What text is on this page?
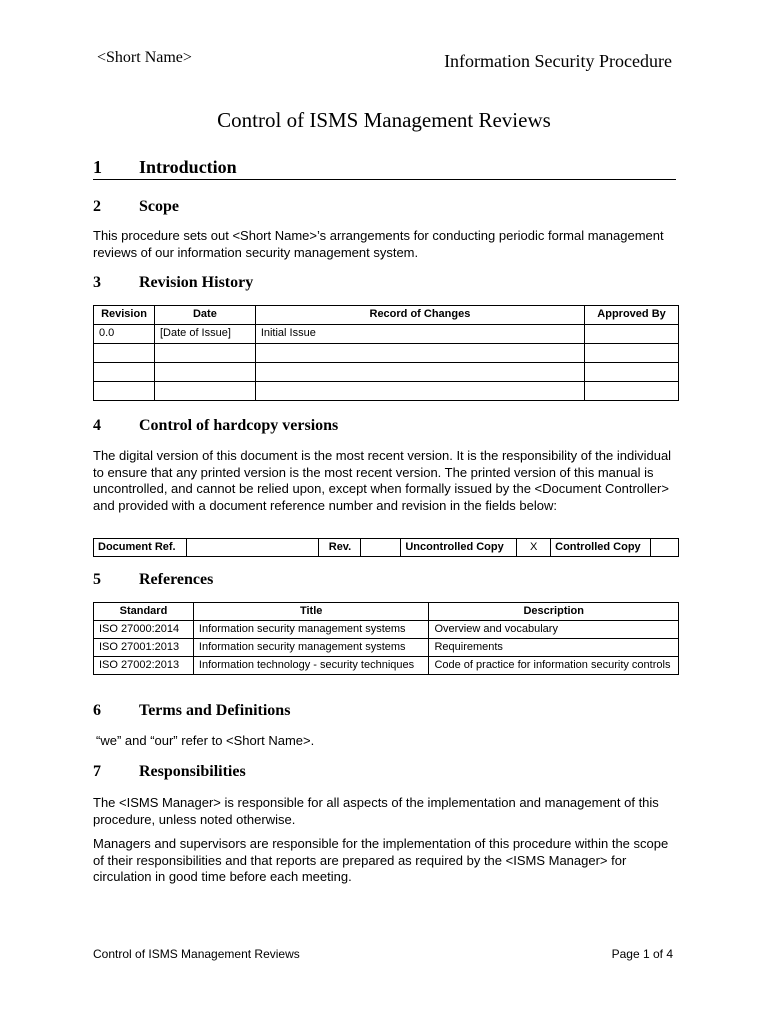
<Short Name>	Information Security Procedure
Control of ISMS Management Reviews
1 Introduction
2 Scope

This procedure sets out <Short Name>’s arrangements for conducting periodic formal management reviews of our information security management system.

3 Revision History
Revision	Date	Record of Changes	Approved By
0.0	[Date of Issue]	Initial Issue	

4 Control of hardcopy versions

The digital version of this document is the most recent version. It is the responsibility of the individual to ensure that any printed version is the most recent version. The printed version of this manual is uncontrolled, and cannot be relied upon, except when formally issued by the <Document Controller> and provided with a document reference number and revision in the fields below:

Document Ref.		Rev.		Uncontrolled Copy	X	Controlled Copy	
5 References
Standard	Title	Description
ISO 27000:2014	Information security management systems	Overview and vocabulary
ISO 27001:2013	Information security management systems	Requirements
ISO 27002:2013	Information technology - security techniques	Code of practice for information security controls
6 Terms and Definitions

“we” and “our” refer to <Short Name>.

7 Responsibilities

The <ISMS Manager> is responsible for all aspects of the implementation and management of this procedure, unless noted otherwise.

Managers and supervisors are responsible for the implementation of this procedure within the scope of their responsibilities and that reports are prepared as required by the <ISMS Manager> for circulation in good time before each meeting.

Control of ISMS Management Reviews	Page 1 of 4
